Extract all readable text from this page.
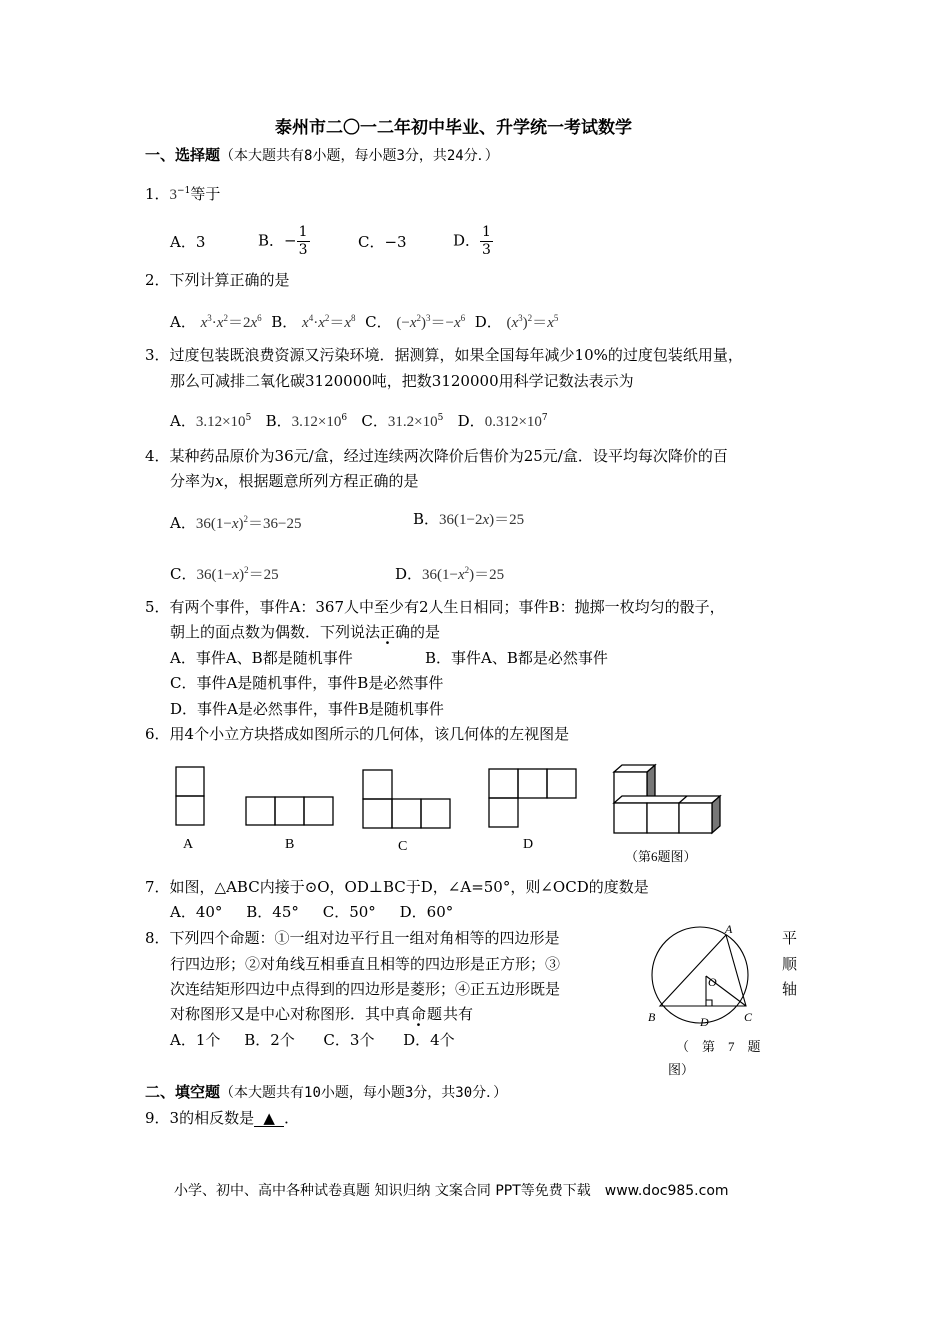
泰州市二〇一二年初中毕业、升学统一考试数学
一、选择题（本大题共有8小题，每小题3分，共24分．）
1．$3^{-1}$等于
A．3	B．− $\frac{1}{3}$	C．−3	D． $\frac{1}{3}$
2．下列计算正确的是
A． $x^3\cdot x^2=2x^6$ B． $x^4\cdot x^2=x^8$ C． $(-x^2)^3=-x^6$ D． $(x^3)^2=x^5$
3．过度包装既浪费资源又污染环境．据测算，如果全国每年减少10%的过度包装纸用量，
那么可减排二氧化碳3120000吨，把数3120000用科学记数法表示为
A．$3.12\times 10^5$ B．$3.12\times 10^6$ C．$31.2\times 10^5$ D．$0.312\times 10^7$
4．某种药品原价为36元/盒，经过连续两次降价后售价为25元/盒．设平均每次降价的百
分率为x，根据题意所列方程正确的是
A．$36(1-x)^2=36-25$	B．36(1−2x)＝25
C．$36(1-x)^2=25$	D．$36(1-x^2)=25$
5．有两个事件，事件A：367人中至少有2人生日相同；事件B：抛掷一枚均匀的骰子，
朝上的面点数为偶数．下列说法正确的是
A．事件A、B都是随机事件	B．事件A、B都是必然事件
C．事件A是随机事件，事件B是必然事件
D．事件A是必然事件，事件B是随机事件
6．用4个小立方块搭成如图所示的几何体，该几何体的左视图是
A	B	C	D
（第6题图）
7．如图，△ABC内接于⊙O，OD⊥BC于D，∠A=50°，则∠OCD的度数是
A．40° B．45° C．50° D．60°
A
O
B	D	C
（　第　7　题
图）
8．下列四个命题：①一组对边平行且一组对角相等的四边形是
行四边形；②对角线互相垂直且相等的四边形是正方形；③
次连结矩形四边中点得到的四边形是菱形；④正五边形既是
对称图形又是中心对称图形．其中真命题共有
平
顺
轴
A．1个 B．2个 C．3个 D．4个
二、填空题（本大题共有10小题，每小题3分，共30分．）
9．3的相反数是 ▲ ．
小学、初中、高中各种试卷真题 知识归纳 文案合同 PPT等免费下载　www.doc985.com
